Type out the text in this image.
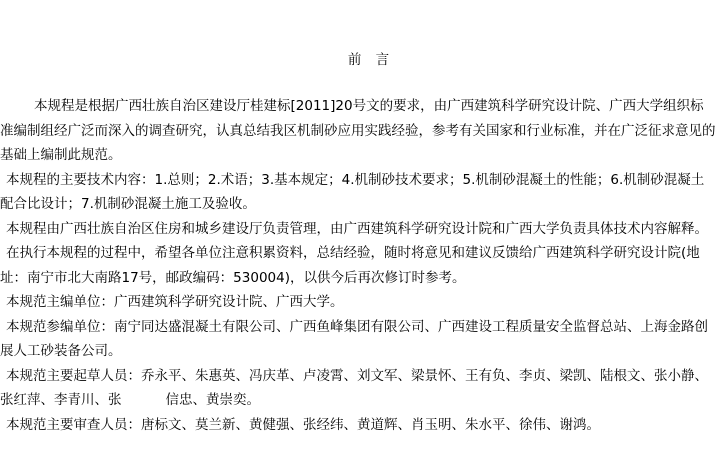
前 言

本规程是根据广西壮族自治区建设厅桂建标[2011]20号文的要求，由广西建筑科学研究设计院、广西大学组织标准编制组经广泛而深入的调查研究，认真总结我区机制砂应用实践经验，参考有关国家和行业标准，并在广泛征求意见的基础上编制此规范。

本规程的主要技术内容：1.总则；2.术语；3.基本规定；4.机制砂技术要求；5.机制砂混凝土的性能；6.机制砂混凝土配合比设计；7.机制砂混凝土施工及验收。

本规程由广西壮族自治区住房和城乡建设厅负责管理，由广西建筑科学研究设计院和广西大学负责具体技术内容解释。

在执行本规程的过程中，希望各单位注意积累资料，总结经验，随时将意见和建议反馈给广西建筑科学研究设计院(地址：南宁市北大南路17号，邮政编码：530004)，以供今后再次修订时参考。

本规范主编单位：广西建筑科学研究设计院、广西大学。

本规范参编单位：南宁同达盛混凝土有限公司、广西鱼峰集团有限公司、广西建设工程质量安全监督总站、上海金路创展人工砂装备公司。

本规范主要起草人员：乔永平、朱惠英、冯庆革、卢凌霄、刘文军、梁景怀、王有负、李贞、梁凯、陆根文、张小静、张红萍、李青川、张	信忠、黄崇奕。

本规范主要审查人员：唐标文、莫兰新、黄健强、张经纬、黄道辉、肖玉明、朱水平、徐伟、谢鸿。
